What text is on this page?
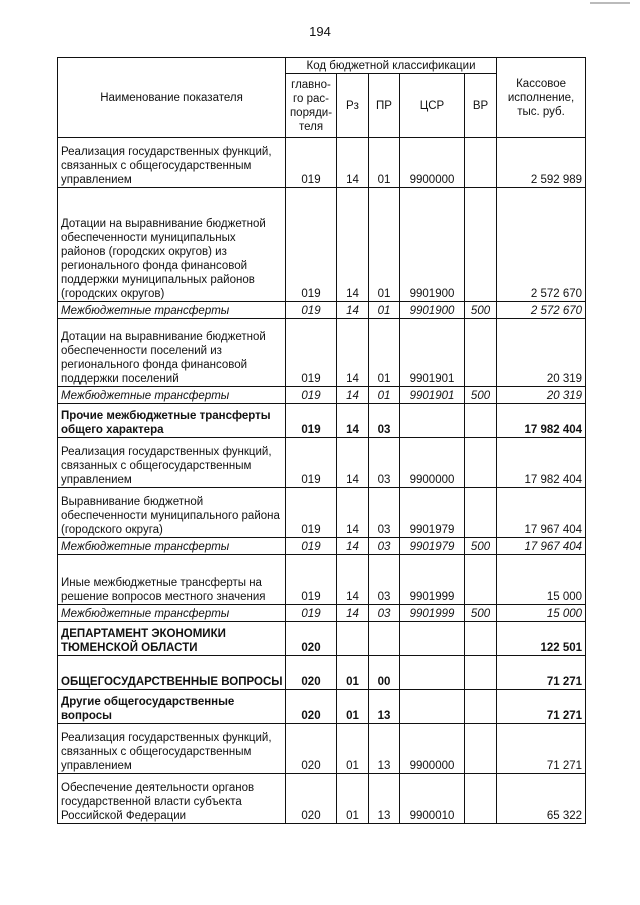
194
Наименование показателя	Код бюджетной классификации					Кассовое исполнение, тыс. руб.
	главно-го рас-поряди-теля	Рз	ПР	ЦСР	ВР	
Реализация государственных функций, связанных с общегосударственным управлением	019	14	01	9900000		2 592 989
Дотации на выравнивание бюджетной обеспеченности муниципальных районов (городских округов) из регионального фонда финансовой поддержки муниципальных районов (городских округов)	019	14	01	9901900		2 572 670
Межбюджетные трансферты	019	14	01	9901900	500	2 572 670
Дотации на выравнивание бюджетной обеспеченности поселений из регионального фонда финансовой поддержки поселений	019	14	01	9901901		20 319
Межбюджетные трансферты	019	14	01	9901901	500	20 319
Прочие межбюджетные трансферты общего характера	019	14	03			17 982 404
Реализация государственных функций, связанных с общегосударственным управлением	019	14	03	9900000		17 982 404
Выравнивание бюджетной обеспеченности муниципального района (городского округа)	019	14	03	9901979		17 967 404
Межбюджетные трансферты	019	14	03	9901979	500	17 967 404
Иные межбюджетные трансферты на решение вопросов местного значения	019	14	03	9901999		15 000
Межбюджетные трансферты	019	14	03	9901999	500	15 000
ДЕПАРТАМЕНТ ЭКОНОМИКИ ТЮМЕНСКОЙ ОБЛАСТИ	020					122 501
ОБЩЕГОСУДАРСТВЕННЫЕ ВОПРОСЫ	020	01	00			71 271
Другие общегосударственные вопросы	020	01	13			71 271
Реализация государственных функций, связанных с общегосударственным управлением	020	01	13	9900000		71 271
Обеспечение деятельности органов государственной власти субъекта Российской Федерации	020	01	13	9900010		65 322
